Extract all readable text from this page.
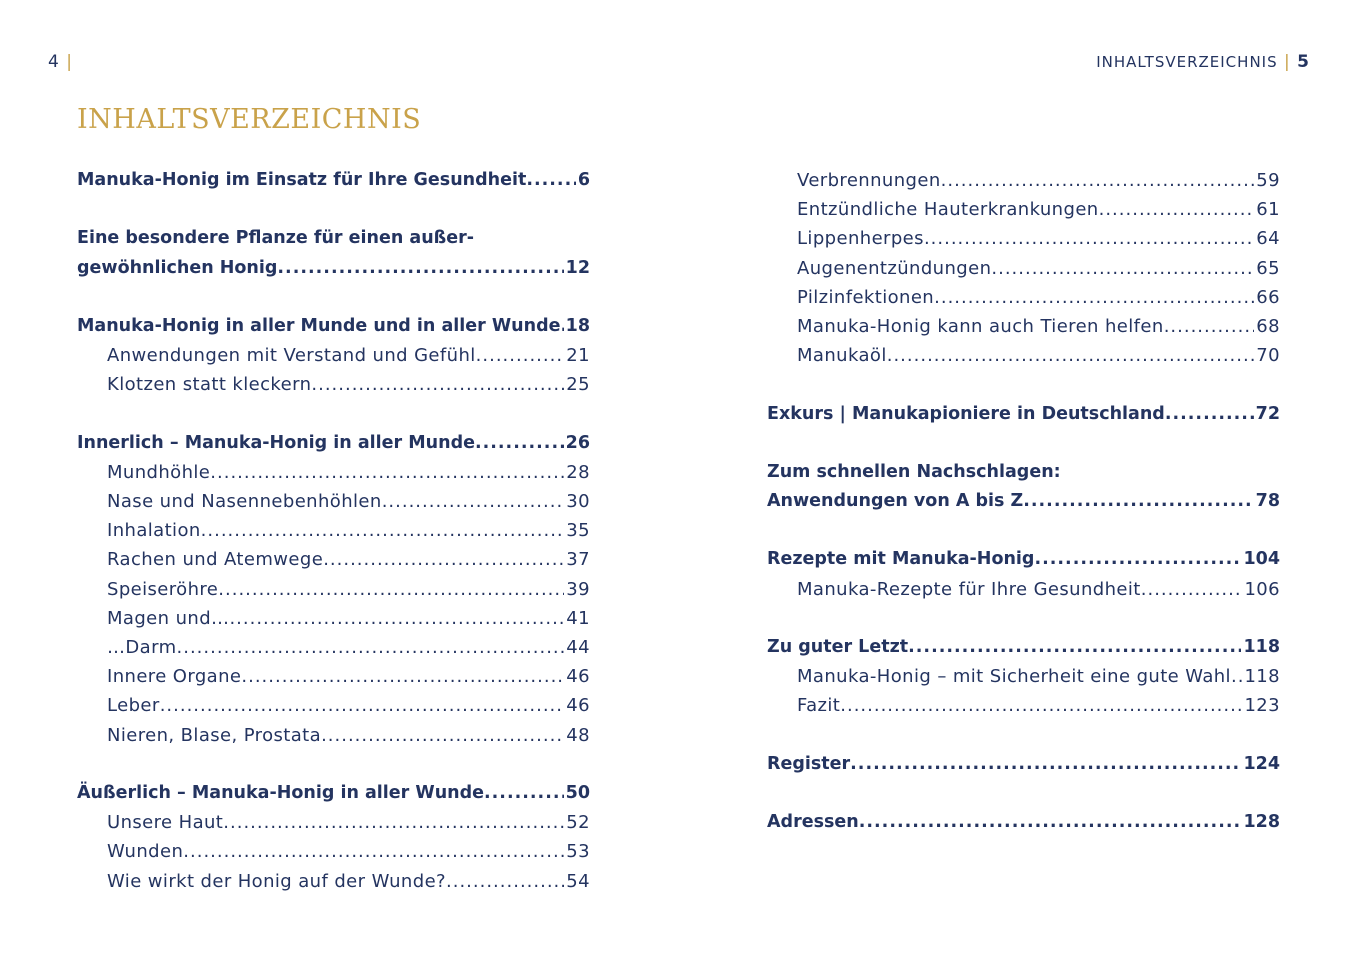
4 |	INHALTSVERZEICHNIS | 5
INHALTSVERZEICHNIS
Manuka-Honig im Einsatz für Ihre Gesundheit .....	6
Eine besondere Pflanze für einen außer-
gewöhnlichen Honig .....	12
Manuka-Honig in aller Munde und in aller Wunde ..... 18
Anwendungen mit Verstand und Gefühl .....	21
Klotzen statt kleckern .....	25
Innerlich – Manuka-Honig in aller Munde .....	26
Mundhöhle .....	28
Nase und Nasennebenhöhlen .....	30
Inhalation .....	35
Rachen und Atemwege .....	37
Speiseröhre .....	39
Magen und… .....	41
…Darm .....	44
Innere Organe .....	46
Leber .....	46
Nieren, Blase, Prostata .....	48
Äußerlich – Manuka-Honig in aller Wunde .....	50
Unsere Haut .....	52
Wunden .....	53
Wie wirkt der Honig auf der Wunde? .....	54
Verbrennungen .....	59
Entzündliche Hauterkrankungen .....	61
Lippenherpes .....	64
Augenentzündungen .....	65
Pilzinfektionen .....	66
Manuka-Honig kann auch Tieren helfen .....	68
Manukaöl .....	70
Exkurs | Manukapioniere in Deutschland .....	72
Zum schnellen Nachschlagen:
Anwendungen von A bis Z .....	78
Rezepte mit Manuka-Honig .....	104
Manuka-Rezepte für Ihre Gesundheit .....	106
Zu guter Letzt .....	118
Manuka-Honig – mit Sicherheit eine gute Wahl ..... 118
Fazit .....	123
Register .....	124
Adressen .....	128
